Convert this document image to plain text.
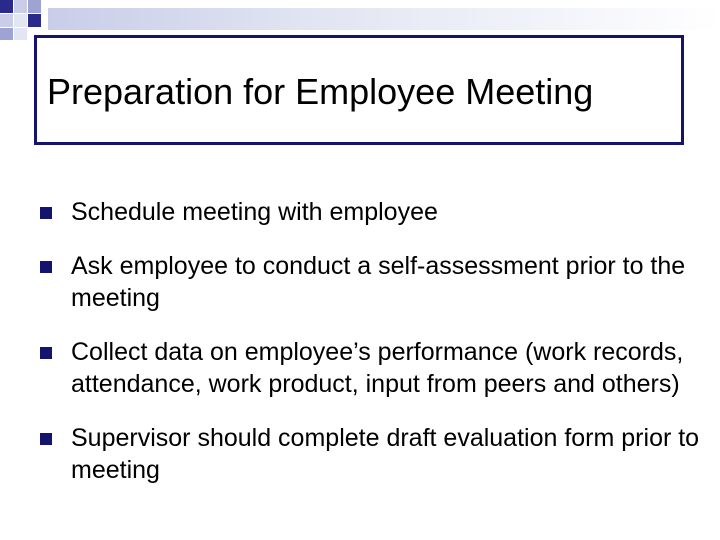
Preparation for Employee Meeting
Schedule meeting with employee
Ask employee to conduct a self-assessment prior to the meeting
Collect data on employee’s performance (work records, attendance, work product, input from peers and others)
Supervisor should complete draft evaluation form prior to meeting
